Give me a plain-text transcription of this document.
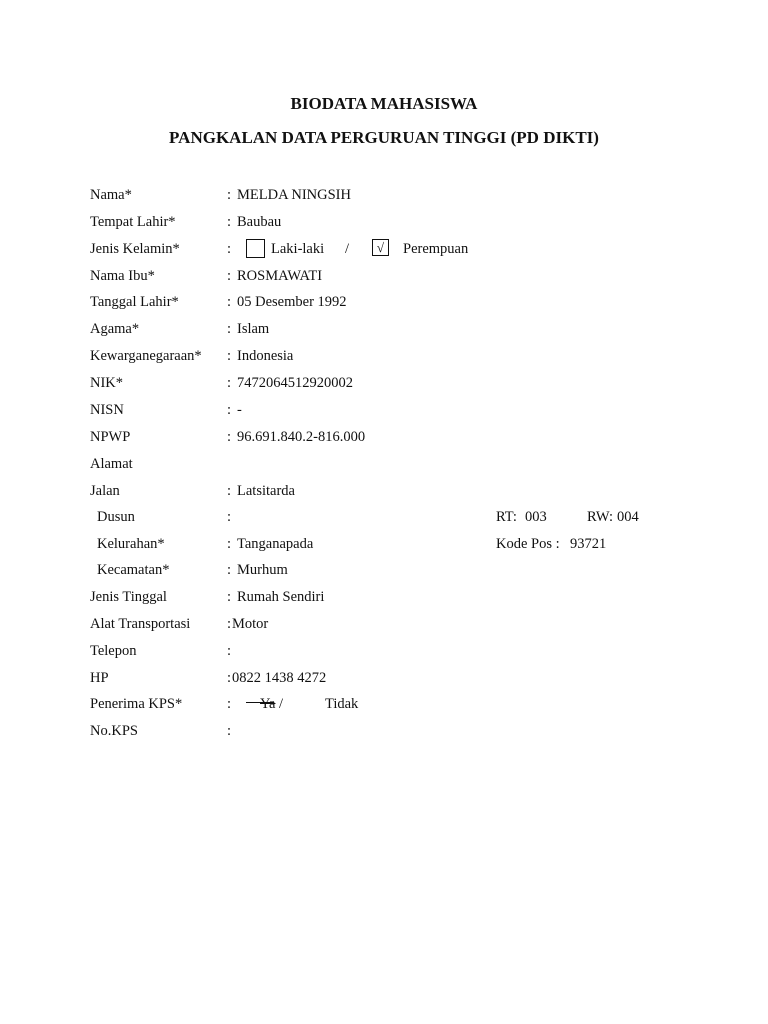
BIODATA MAHASISWA
PANGKALAN DATA PERGURUAN TINGGI (PD DIKTI)
Nama*	: MELDA NINGSIH
Tempat Lahir*	: Baubau
Jenis Kelamin*	:	Laki-laki /	√	Perempuan
Nama Ibu*	: ROSMAWATI
Tanggal Lahir*	: 05 Desember 1992
Agama*	: Islam
Kewarganegaraan* : Indonesia
NIK*	: 7472064512920002
NISN	: -
NPWP	: 96.691.840.2-816.000
Alamat
Jalan	: Latsitarda
Dusun	:	RT: 003	RW: 004
Kelurahan*	: Tanganapada	Kode Pos : 93721
Kecamatan*	: Murhum
Jenis Tinggal	: Rumah Sendiri
Alat Transportasi	: Motor
Telepon	:
HP	: 0822 1438 4272
Penerima KPS*	: Ya /	Tidak
No.KPS	:
